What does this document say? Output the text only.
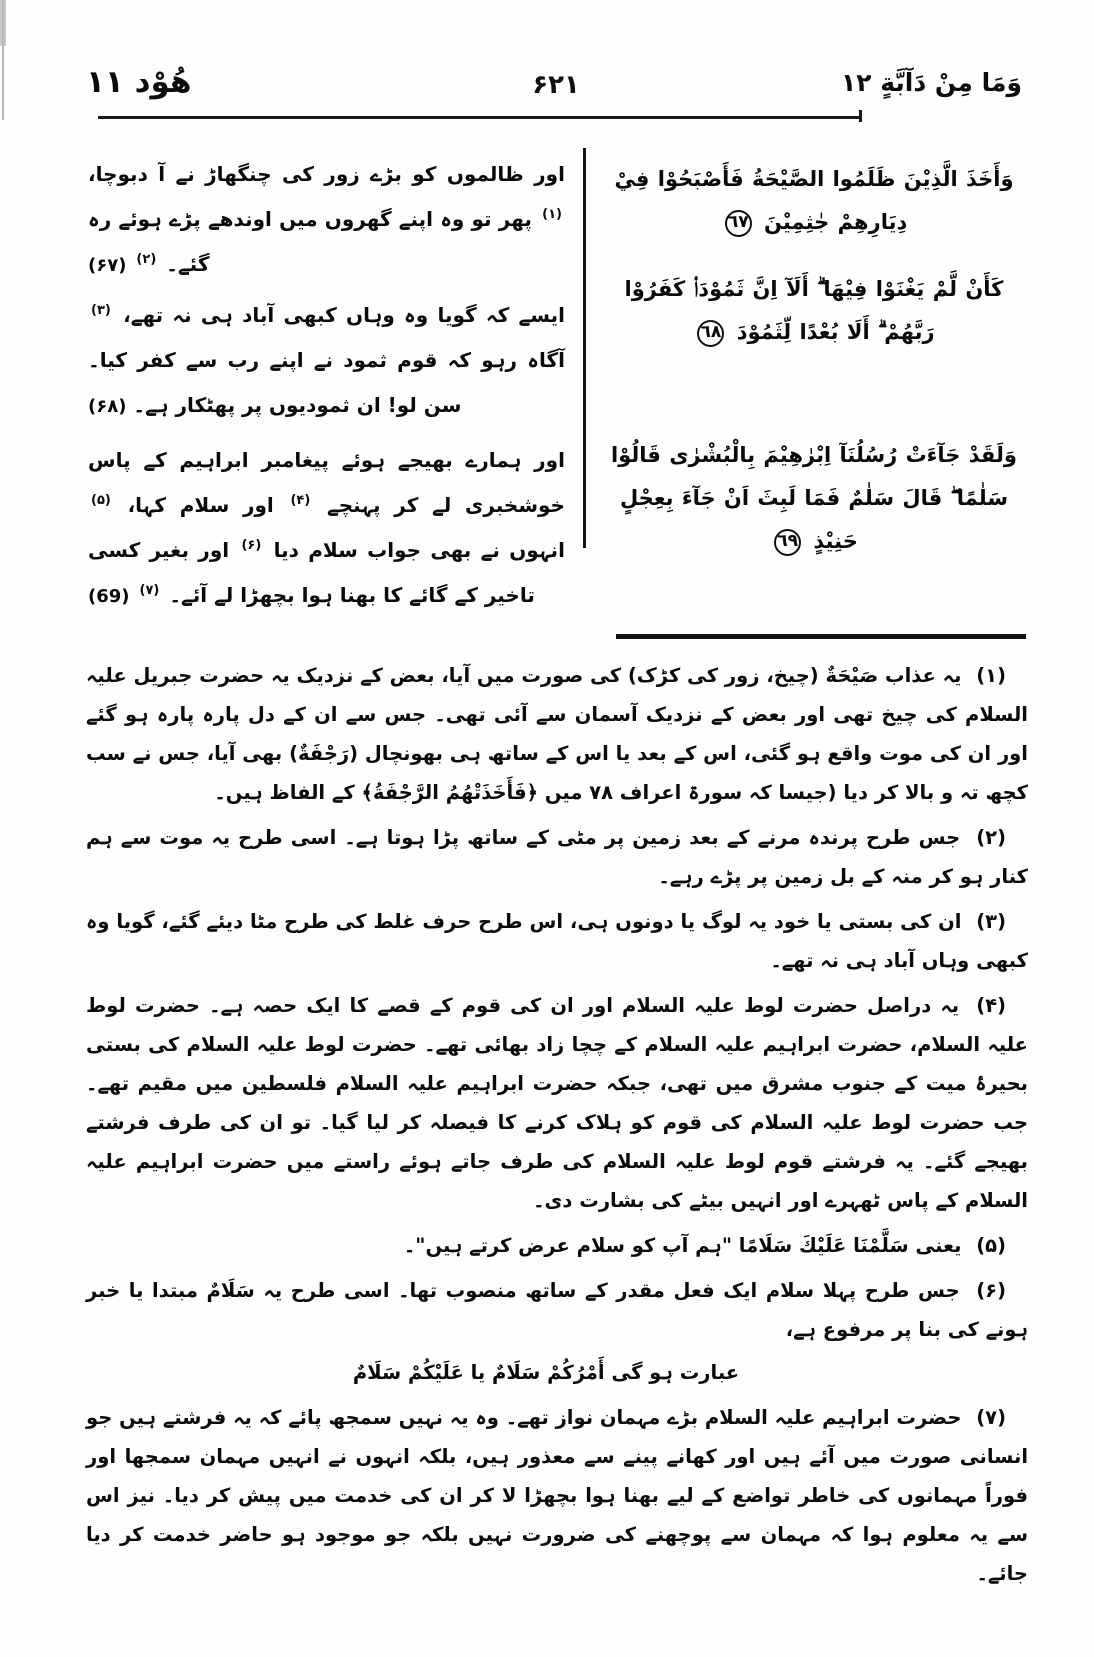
هُوْد ١١	۶۲۱	وَمَا مِنْ دَآبَّةٍ ١٢
وَأَخَذَ الَّذِيْنَ ظَلَمُوا الصَّيْحَةُ فَأَصْبَحُوْا فِيْ دِيَارِهِمْ جٰثِمِيْنَ ٦٧
كَأَنْ لَّمْ يَغْنَوْا فِيْهَا ۗ أَلَآ اِنَّ ثَمُوْدَا۟ كَفَرُوْا رَبَّهُمْ ۗ أَلَا بُعْدًا لِّثَمُوْدَ ٦٨
وَلَقَدْ جَآءَتْ رُسُلُنَآ اِبْرٰهِيْمَ بِالْبُشْرٰى قَالُوْا سَلٰمًا ۖ قَالَ سَلٰمٌ فَمَا لَبِثَ اَنْ جَآءَ بِعِجْلٍ حَنِيْذٍ ٦٩
اور ظالموں کو بڑے زور کی چنگھاڑ نے آ دبوچا، $^{(۱)}$ پھر تو وہ اپنے گھروں میں اوندھے پڑے ہوئے رہ گئے۔ $^{(۲)}$ (۶۷)
ایسے کہ گویا وہ وہاں کبھی آباد ہی نہ تھے، $^{(۳)}$ آگاہ رہو کہ قوم ثمود نے اپنے رب سے کفر کیا۔ سن لو! ان ثمودیوں پر پھٹکار ہے۔ (۶۸)
اور ہمارے بھیجے ہوئے پیغامبر ابراہیم کے پاس خوشخبری لے کر پہنچے $^{(۴)}$ اور سلام کہا، $^{(۵)}$ انہوں نے بھی جواب سلام دیا $^{(۶)}$ اور بغیر کسی تاخیر کے گائے کا بھنا ہوا بچھڑا لے آئے۔ $^{(۷)}$ (69)
(۱) یہ عذاب صَیْحَةٌ (چیخ، زور کی کڑک) کی صورت میں آیا، بعض کے نزدیک یہ حضرت جبریل علیہ السلام کی چیخ تھی اور بعض کے نزدیک آسمان سے آئی تھی۔ جس سے ان کے دل پارہ پارہ ہو گئے اور ان کی موت واقع ہو گئی، اس کے بعد یا اس کے ساتھ ہی بھونچال (رَجْفَةٌ) بھی آیا، جس نے سب کچھ تہ و بالا کر دیا (جیسا کہ سورۃ اعراف ۷۸ میں ﴿فَأَخَذَتْهُمُ الرَّجْفَةُ﴾ کے الفاظ ہیں۔
(۲) جس طرح پرندہ مرنے کے بعد زمین پر مٹی کے ساتھ پڑا ہوتا ہے۔ اسی طرح یہ موت سے ہم کنار ہو کر منہ کے بل زمین پر پڑے رہے۔
(۳) ان کی بستی یا خود یہ لوگ یا دونوں ہی، اس طرح حرف غلط کی طرح مٹا دیئے گئے، گویا وہ کبھی وہاں آباد ہی نہ تھے۔
(۴) یہ دراصل حضرت لوط علیہ السلام اور ان کی قوم کے قصے کا ایک حصہ ہے۔ حضرت لوط علیہ السلام، حضرت ابراہیم علیہ السلام کے چچا زاد بھائی تھے۔ حضرت لوط علیہ السلام کی بستی بحیرۂ میت کے جنوب مشرق میں تھی، جبکہ حضرت ابراہیم علیہ السلام فلسطین میں مقیم تھے۔ جب حضرت لوط علیہ السلام کی قوم کو ہلاک کرنے کا فیصلہ کر لیا گیا۔ تو ان کی طرف فرشتے بھیجے گئے۔ یہ فرشتے قوم لوط علیہ السلام کی طرف جاتے ہوئے راستے میں حضرت ابراہیم علیہ السلام کے پاس ٹھہرے اور انہیں بیٹے کی بشارت دی۔
(۵) یعنی سَلَّمْنَا عَلَیْكَ سَلَامًا "ہم آپ کو سلام عرض کرتے ہیں"۔
(۶) جس طرح پہلا سلام ایک فعل مقدر کے ساتھ منصوب تھا۔ اسی طرح یہ سَلَامٌ مبتدا یا خبر ہونے کی بنا پر مرفوع ہے،
عبارت ہو گی أَمْرُكُمْ سَلَامٌ یا عَلَیْكُمْ سَلَامٌ
(۷) حضرت ابراہیم علیہ السلام بڑے مہمان نواز تھے۔ وہ یہ نہیں سمجھ پائے کہ یہ فرشتے ہیں جو انسانی صورت میں آئے ہیں اور کھانے پینے سے معذور ہیں، بلکہ انہوں نے انہیں مہمان سمجھا اور فوراً مہمانوں کی خاطر تواضع کے لیے بھنا ہوا بچھڑا لا کر ان کی خدمت میں پیش کر دیا۔ نیز اس سے یہ معلوم ہوا کہ مہمان سے پوچھنے کی ضرورت نہیں بلکہ جو موجود ہو حاضر خدمت کر دیا جائے۔
